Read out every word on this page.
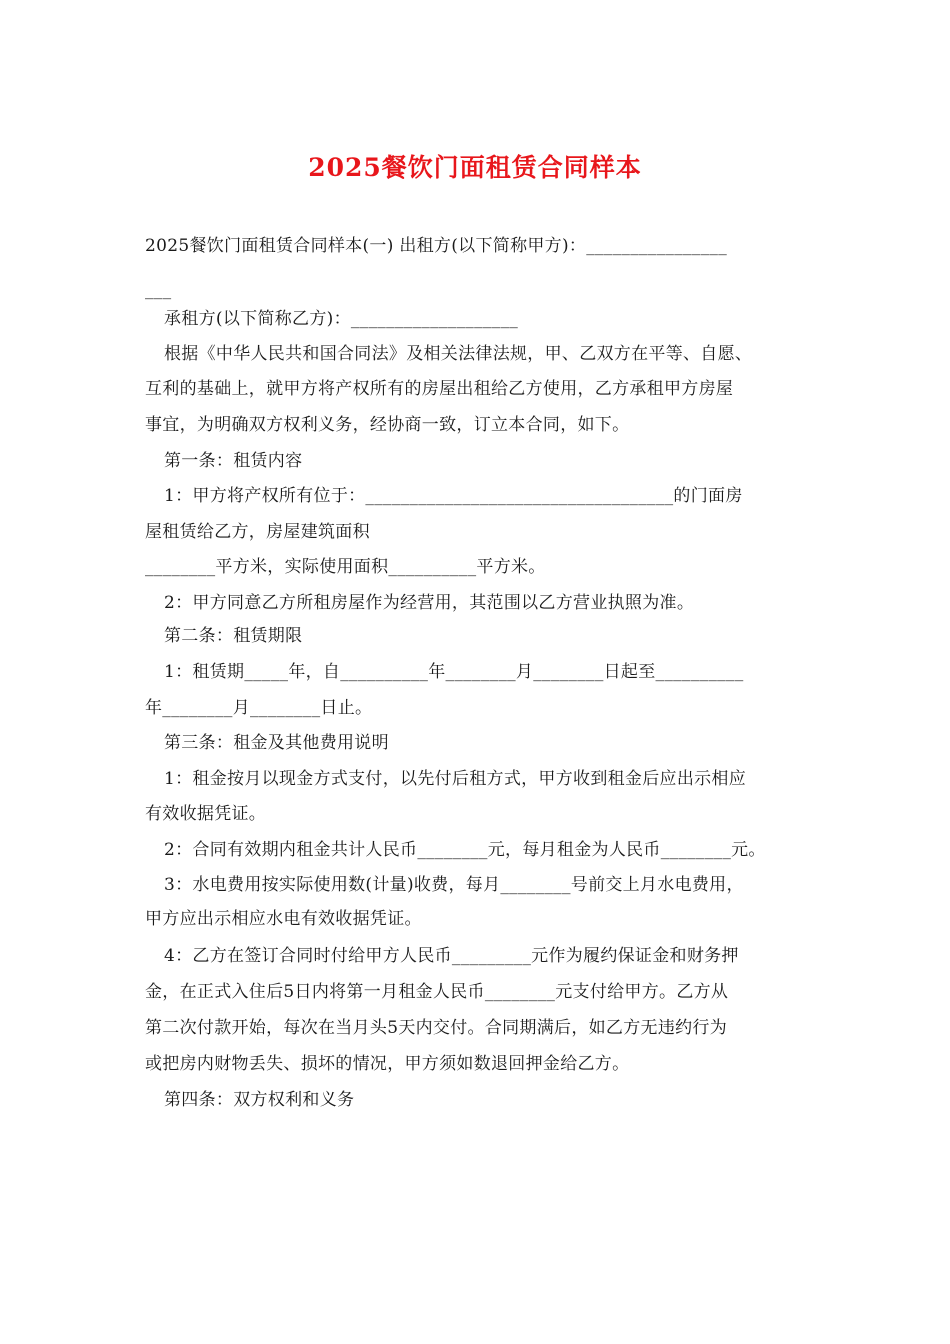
2025餐饮门面租赁合同样本
2025餐饮门面租赁合同样本(一) 出租方(以下简称甲方)：________________
___
承租方(以下简称乙方)：___________________
根据《中华人民共和国合同法》及相关法律法规，甲、乙双方在平等、自愿、
互利的基础上，就甲方将产权所有的房屋出租给乙方使用，乙方承租甲方房屋
事宜，为明确双方权利义务，经协商一致，订立本合同，如下。
第一条：租赁内容
1：甲方将产权所有位于：___________________________________的门面房
屋租赁给乙方，房屋建筑面积
________平方米，实际使用面积__________平方米。
2：甲方同意乙方所租房屋作为经营用，其范围以乙方营业执照为准。
第二条：租赁期限
1：租赁期_____年，自__________年________月________日起至__________
年________月________日止。
第三条：租金及其他费用说明
1：租金按月以现金方式支付，以先付后租方式，甲方收到租金后应出示相应
有效收据凭证。
2：合同有效期内租金共计人民币________元，每月租金为人民币________元。
3：水电费用按实际使用数(计量)收费，每月________号前交上月水电费用，
甲方应出示相应水电有效收据凭证。
4：乙方在签订合同时付给甲方人民币_________元作为履约保证金和财务押
金，在正式入住后5日内将第一月租金人民币________元支付给甲方。乙方从
第二次付款开始，每次在当月头5天内交付。合同期满后，如乙方无违约行为
或把房内财物丢失、损坏的情况，甲方须如数退回押金给乙方。
第四条：双方权利和义务
